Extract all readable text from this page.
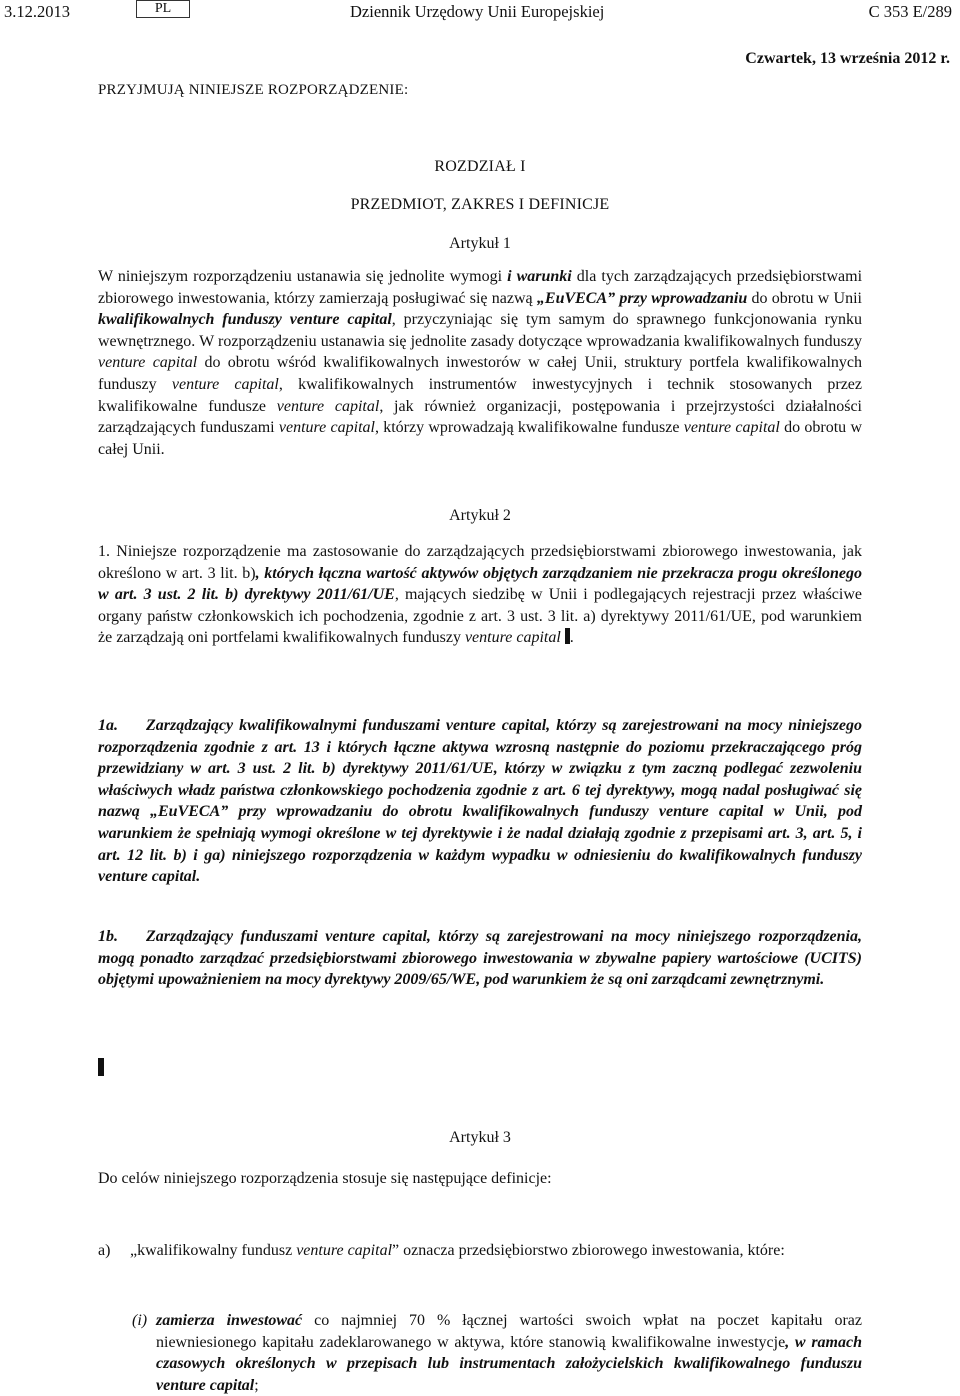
3.12.2013	PL	Dziennik Urzędowy Unii Europejskiej	C 353 E/289
Czwartek, 13 września 2012 r.
PRZYJMUJĄ NINIEJSZE ROZPORZĄDZENIE:
ROZDZIAŁ I
PRZEDMIOT, ZAKRES I DEFINICJE
Artykuł 1

W niniejszym rozporządzeniu ustanawia się jednolite wymogi i warunki dla tych zarządzających przedsiębiorstwami zbiorowego inwestowania, którzy zamierzają posługiwać się nazwą „EuVECA” przy wprowadzaniu do obrotu w Unii kwalifikowalnych funduszy venture capital, przyczyniając się tym samym do sprawnego funkcjonowania rynku wewnętrznego. W rozporządzeniu ustanawia się jednolite zasady dotyczące wprowadzania kwalifikowalnych funduszy venture capital do obrotu wśród kwalifikowalnych inwestorów w całej Unii, struktury portfela kwalifikowalnych funduszy venture capital, kwalifikowalnych instrumentów inwestycyjnych i technik stosowanych przez kwalifikowalne fundusze venture capital, jak również organizacji, postępowania i przejrzystości działalności zarządzających funduszami venture capital, którzy wprowadzają kwalifikowalne fundusze venture capital do obrotu w całej Unii.

Artykuł 2

1. Niniejsze rozporządzenie ma zastosowanie do zarządzających przedsiębiorstwami zbiorowego inwestowania, jak określono w art. 3 lit. b), których łączna wartość aktywów objętych zarządzaniem nie przekracza progu określonego w art. 3 ust. 2 lit. b) dyrektywy 2011/61/UE, mających siedzibę w Unii i podlegających rejestracji przez właściwe organy państw członkowskich ich pochodzenia, zgodnie z art. 3 ust. 3 lit. a) dyrektywy 2011/61/UE, pod warunkiem że zarządzają oni portfelami kwalifikowalnych funduszy venture capital .

1a. Zarządzający kwalifikowalnymi funduszami venture capital, którzy są zarejestrowani na mocy niniejszego rozporządzenia zgodnie z art. 13 i których łączne aktywa wzrosną następnie do poziomu przekraczającego próg przewidziany w art. 3 ust. 2 lit. b) dyrektywy 2011/61/UE, którzy w związku z tym zaczną podlegać zezwoleniu właściwych władz państwa członkowskiego pochodzenia zgodnie z art. 6 tej dyrektywy, mogą nadal posługiwać się nazwą „EuVECA” przy wprowadzaniu do obrotu kwalifikowalnych funduszy venture capital w Unii, pod warunkiem że spełniają wymogi określone w tej dyrektywie i że nadal działają zgodnie z przepisami art. 3, art. 5, i art. 12 lit. b) i ga) niniejszego rozporządzenia w każdym wypadku w odniesieniu do kwalifikowalnych funduszy venture capital.

1b. Zarządzający funduszami venture capital, którzy są zarejestrowani na mocy niniejszego rozporządzenia, mogą ponadto zarządzać przedsiębiorstwami zbiorowego inwestowania w zbywalne papiery wartościowe (UCITS) objętymi upoważnieniem na mocy dyrektywy 2009/65/WE, pod warunkiem że są oni zarządcami zewnętrznymi.

Artykuł 3
Do celów niniejszego rozporządzenia stosuje się następujące definicje:

a) „kwalifikowalny fundusz venture capital” oznacza przedsiębiorstwo zbiorowego inwestowania, które:

(i) zamierza inwestować co najmniej 70 % łącznej wartości swoich wpłat na poczet kapitału oraz niewniesionego kapitału zadeklarowanego w aktywa, które stanowią kwalifikowalne inwestycje, w ramach czasowych określonych w przepisach lub instrumentach założycielskich kwalifikowalnego funduszu venture capital;
